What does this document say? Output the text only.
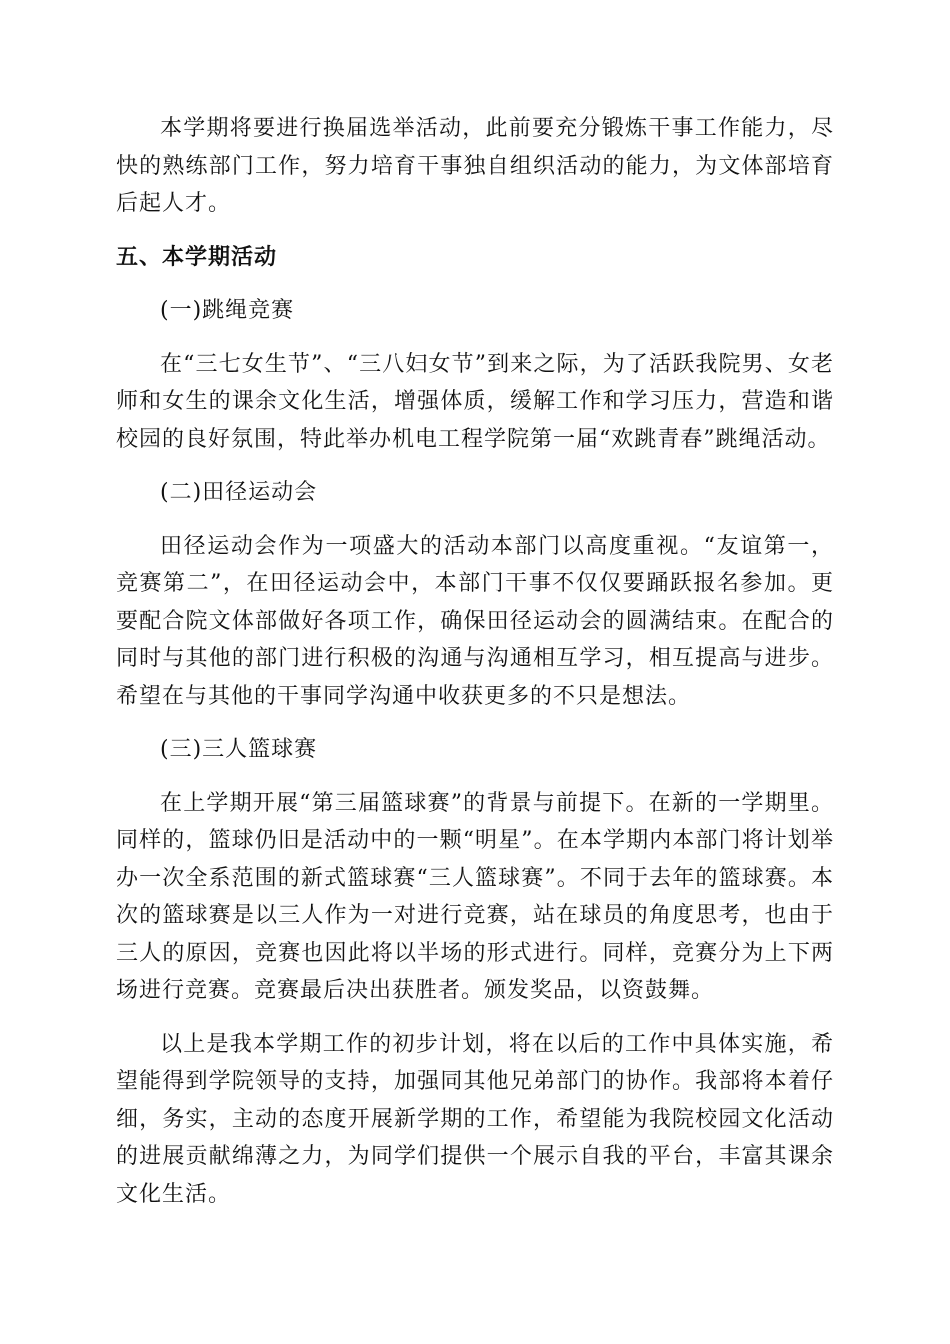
本学期将要进行换届选举活动，此前要充分锻炼干事工作能力，尽快的熟练部门工作，努力培育干事独自组织活动的能力，为文体部培育后起人才。

五、本学期活动

(一)跳绳竞赛

在“三七女生节”、“三八妇女节”到来之际，为了活跃我院男、女老师和女生的课余文化生活，增强体质，缓解工作和学习压力，营造和谐校园的良好氛围，特此举办机电工程学院第一届“欢跳青春”跳绳活动。

(二)田径运动会

田径运动会作为一项盛大的活动本部门以高度重视。“友谊第一，竞赛第二”，在田径运动会中，本部门干事不仅仅要踊跃报名参加。更要配合院文体部做好各项工作，确保田径运动会的圆满结束。在配合的同时与其他的部门进行积极的沟通与沟通相互学习，相互提高与进步。希望在与其他的干事同学沟通中收获更多的不只是想法。

(三)三人篮球赛

在上学期开展“第三届篮球赛”的背景与前提下。在新的一学期里。同样的，篮球仍旧是活动中的一颗“明星”。在本学期内本部门将计划举办一次全系范围的新式篮球赛“三人篮球赛”。不同于去年的篮球赛。本次的篮球赛是以三人作为一对进行竞赛，站在球员的角度思考，也由于三人的原因，竞赛也因此将以半场的形式进行。同样，竞赛分为上下两场进行竞赛。竞赛最后决出获胜者。颁发奖品，以资鼓舞。

以上是我本学期工作的初步计划，将在以后的工作中具体实施，希望能得到学院领导的支持，加强同其他兄弟部门的协作。我部将本着仔细，务实，主动的态度开展新学期的工作，希望能为我院校园文化活动的进展贡献绵薄之力，为同学们提供一个展示自我的平台，丰富其课余文化生活。
